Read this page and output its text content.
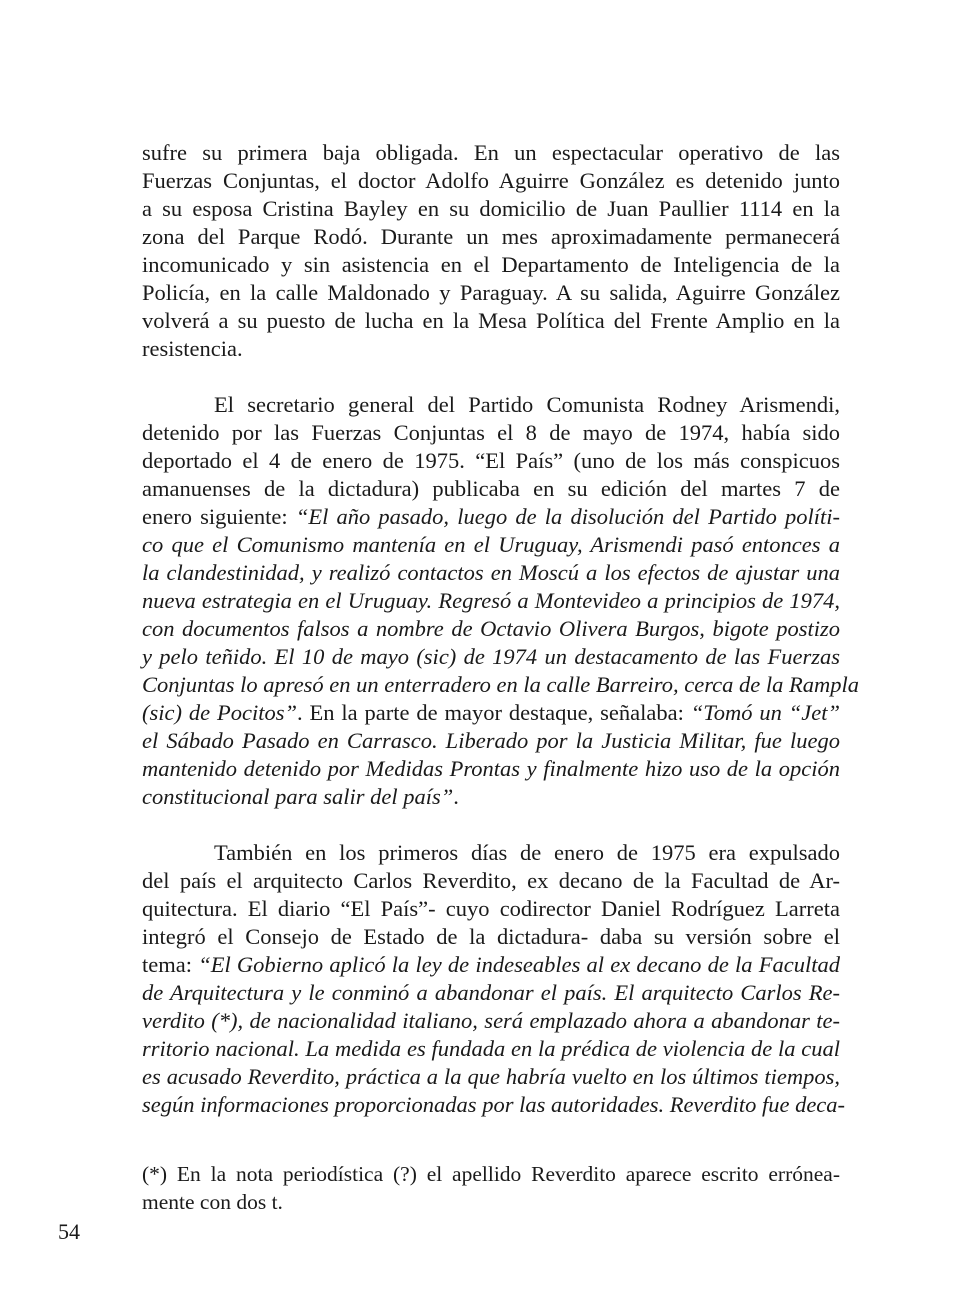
sufre su primera baja obligada. En un espectacular operativo de las
Fuerzas Conjuntas, el doctor Adolfo Aguirre González es detenido junto
a su esposa Cristina Bayley en su domicilio de Juan Paullier 1114 en la
zona del Parque Rodó. Durante un mes aproximadamente permanecerá
incomunicado y sin asistencia en el Departamento de Inteligencia de la
Policía, en la calle Maldonado y Paraguay. A su salida, Aguirre González
volverá a su puesto de lucha en la Mesa Política del Frente Amplio en la
resistencia.
El secretario general del Partido Comunista Rodney Arismendi,
detenido por las Fuerzas Conjuntas el 8 de mayo de 1974, había sido
deportado el 4 de enero de 1975. “El País” (uno de los más conspicuos
amanuenses de la dictadura) publicaba en su edición del martes 7 de
enero siguiente: “El año pasado, luego de la disolución del Partido políti-
co que el Comunismo mantenía en el Uruguay, Arismendi pasó entonces a
la clandestinidad, y realizó contactos en Moscú a los efectos de ajustar una
nueva estrategia en el Uruguay. Regresó a Montevideo a principios de 1974,
con documentos falsos a nombre de Octavio Olivera Burgos, bigote postizo
y pelo teñido. El 10 de mayo (sic) de 1974 un destacamento de las Fuerzas
Conjuntas lo apresó en un enterradero en la calle Barreiro, cerca de la Rampla
(sic) de Pocitos”. En la parte de mayor destaque, señalaba: “Tomó un “Jet”
el Sábado Pasado en Carrasco. Liberado por la Justicia Militar, fue luego
mantenido detenido por Medidas Prontas y finalmente hizo uso de la opción
constitucional para salir del país”.
También en los primeros días de enero de 1975 era expulsado
del país el arquitecto Carlos Reverdito, ex decano de la Facultad de Ar-
quitectura. El diario “El País”- cuyo codirector Daniel Rodríguez Larreta
integró el Consejo de Estado de la dictadura- daba su versión sobre el
tema: “El Gobierno aplicó la ley de indeseables al ex decano de la Facultad
de Arquitectura y le conminó a abandonar el país. El arquitecto Carlos Re-
verdito (*), de nacionalidad italiano, será emplazado ahora a abandonar te-
rritorio nacional. La medida es fundada en la prédica de violencia de la cual
es acusado Reverdito, práctica a la que habría vuelto en los últimos tiempos,
según informaciones proporcionadas por las autoridades. Reverdito fue deca-
(*) En la nota periodística (?) el apellido Reverdito aparece escrito errónea-
mente con dos t.
54
